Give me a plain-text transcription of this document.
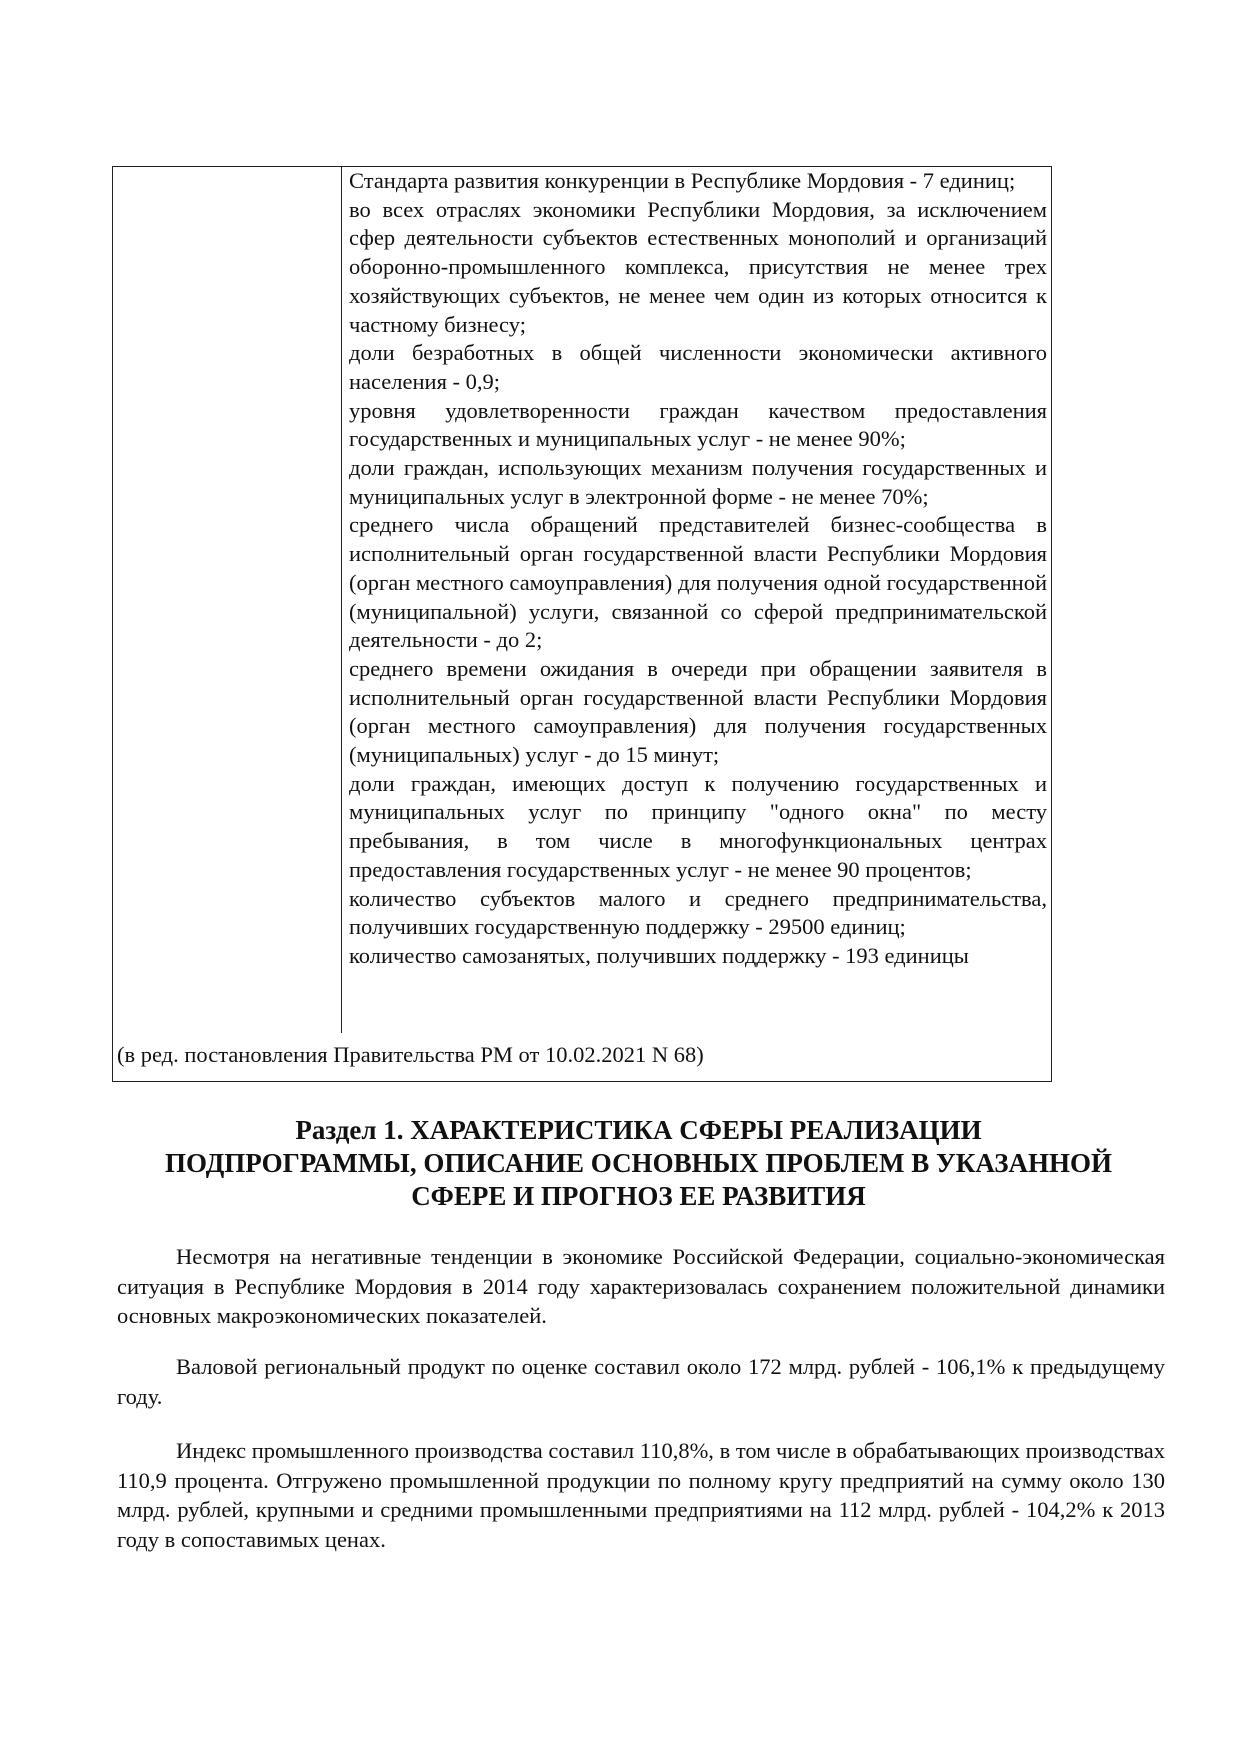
Стандарта развития конкуренции в Республике Мордовия - 7 единиц;

во всех отраслях экономики Республики Мордовия, за исключением сфер деятельности субъектов естественных монополий и организаций оборонно-промышленного комплекса, присутствия не менее трех хозяйствующих субъектов, не менее чем один из которых относится к частному бизнесу;

доли безработных в общей численности экономически активного населения - 0,9;

уровня удовлетворенности граждан качеством предоставления государственных и муниципальных услуг - не менее 90%;

доли граждан, использующих механизм получения государственных и муниципальных услуг в электронной форме - не менее 70%;

среднего числа обращений представителей бизнес-сообщества в исполнительный орган государственной власти Республики Мордовия (орган местного самоуправления) для получения одной государственной (муниципальной) услуги, связанной со сферой предпринимательской деятельности - до 2;

среднего времени ожидания в очереди при обращении заявителя в исполнительный орган государственной власти Республики Мордовия (орган местного самоуправления) для получения государственных (муниципальных) услуг - до 15 минут;

доли граждан, имеющих доступ к получению государственных и муниципальных услуг по принципу "одного окна" по месту пребывания, в том числе в многофункциональных центрах предоставления государственных услуг - не менее 90 процентов;

количество субъектов малого и среднего предпринимательства, получивших государственную поддержку - 29500 единиц;

количество самозанятых, получивших поддержку - 193 единицы

(в ред. постановления Правительства РМ от 10.02.2021 N 68)
Раздел 1. ХАРАКТЕРИСТИКА СФЕРЫ РЕАЛИЗАЦИИ
ПОДПРОГРАММЫ, ОПИСАНИЕ ОСНОВНЫХ ПРОБЛЕМ В УКАЗАННОЙ
СФЕРЕ И ПРОГНОЗ ЕЕ РАЗВИТИЯ

Несмотря на негативные тенденции в экономике Российской Федерации, социально-экономическая ситуация в Республике Мордовия в 2014 году характеризовалась сохранением положительной динамики основных макроэкономических показателей.

Валовой региональный продукт по оценке составил около 172 млрд. рублей - 106,1% к предыдущему году.

Индекс промышленного производства составил 110,8%, в том числе в обрабатывающих производствах 110,9 процента. Отгружено промышленной продукции по полному кругу предприятий на сумму около 130 млрд. рублей, крупными и средними промышленными предприятиями на 112 млрд. рублей - 104,2% к 2013 году в сопоставимых ценах.
